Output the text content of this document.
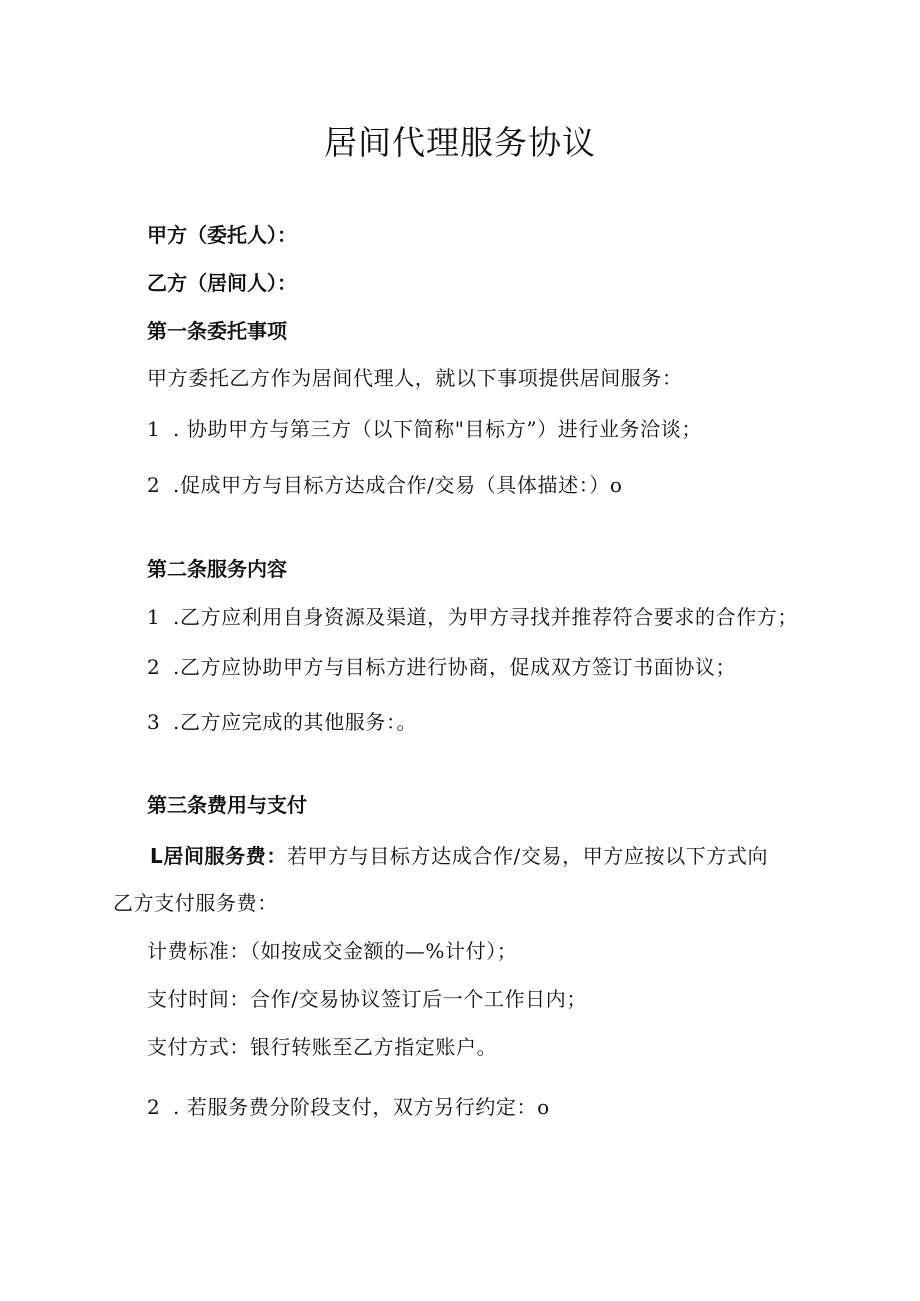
居间代理服务协议

甲方（委托人）：

乙方（居间人）：

第一条委托事项

甲方委托乙方作为居间代理人，就以下事项提供居间服务：

1 . 协助甲方与第三方（以下简称"目标方”）进行业务洽谈；

2 .促成甲方与目标方达成合作/交易（具体描述：）o

第二条服务内容

1 .乙方应利用自身资源及渠道，为甲方寻找并推荐符合要求的合作方；

2 .乙方应协助甲方与目标方进行协商，促成双方签订书面协议；

3 .乙方应完成的其他服务：。

第三条费用与支付

L居间服务费：若甲方与目标方达成合作/交易，甲方应按以下方式向

乙方支付服务费：

计费标准：（如按成交金额的—%计付）；

支付时间：合作/交易协议签订后一个工作日内；

支付方式：银行转账至乙方指定账户。

2 . 若服务费分阶段支付，双方另行约定：o
